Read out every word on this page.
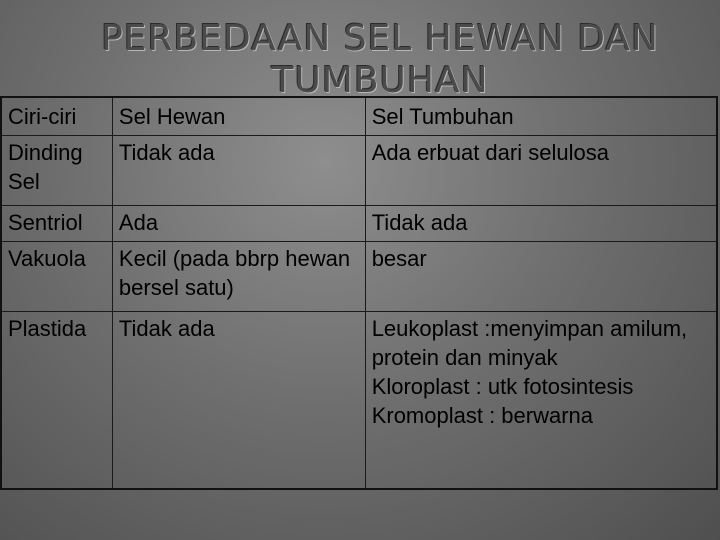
PERBEDAAN SEL HEWAN DAN TUMBUHAN
Ciri-ciri	Sel Hewan	Sel Tumbuhan
Dinding Sel	Tidak ada	Ada erbuat dari selulosa

Sentriol	Ada	Tidak ada

Vakuola	Kecil (pada bbrp hewan bersel satu)	besar

Plastida	Tidak ada	Leukoplast :menyimpan amilum, protein dan minyak
Kloroplast : utk fotosintesis
Kromoplast : berwarna
